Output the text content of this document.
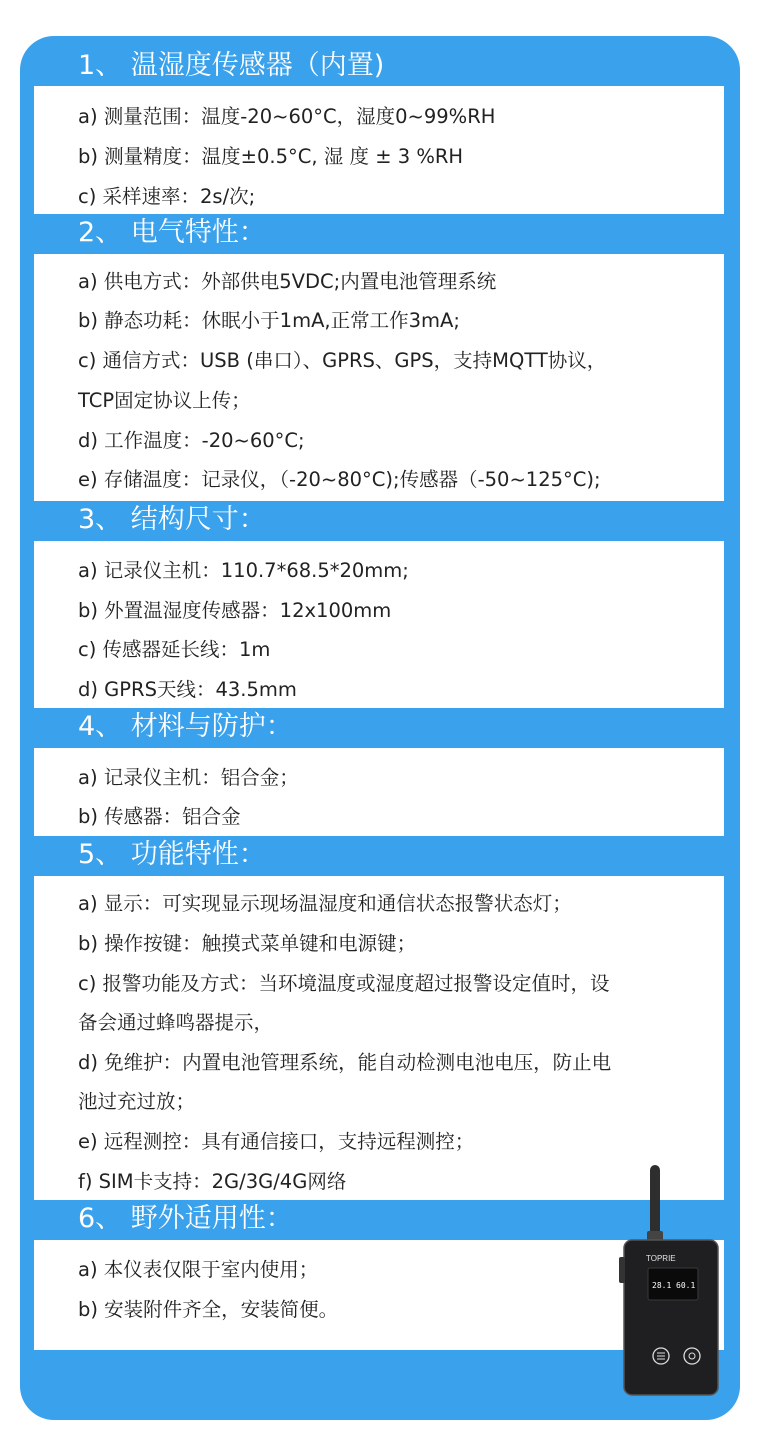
1、 温湿度传感器（内置)
a) 测量范围：温度-20~60°C，湿度0~99%RH
b) 测量精度：温度±0.5°C, 湿 度 ± 3 %RH
c) 采样速率：2s/次;
2、 电气特性：
a) 供电方式：外部供电5VDC;内置电池管理系统
b) 静态功耗：休眠小于1mA,正常工作3mA;
c) 通信方式：USB (串口）、GPRS、GPS，支持MQTT协议，
TCP固定协议上传；
d) 工作温度：-20~60°C;
e) 存储温度：记录仪，（-20~80°C);传感器（-50~125°C);
3、 结构尺寸：
a) 记录仪主机：110.7*68.5*20mm;
b) 外置温湿度传感器：12x100mm
c) 传感器延长线：1m
d) GPRS天线：43.5mm
4、 材料与防护：
a) 记录仪主机：铝合金；
b) 传感器：铝合金
5、 功能特性：
a) 显示：可实现显示现场温湿度和通信状态报警状态灯；
b) 操作按键：触摸式菜单键和电源键；
c) 报警功能及方式：当环境温度或湿度超过报警设定值时，设
备会通过蜂鸣器提示，
d) 免维护：内置电池管理系统，能自动检测电池电压，防止电
池过充过放；
e) 远程测控：具有通信接口，支持远程测控；
f) SIM卡支持：2G/3G/4G网络
6、 野外适用性：
a) 本仪表仅限于室内使用；
b) 安装附件齐全，安装简便。
TOPRIE
28.1 60.1
